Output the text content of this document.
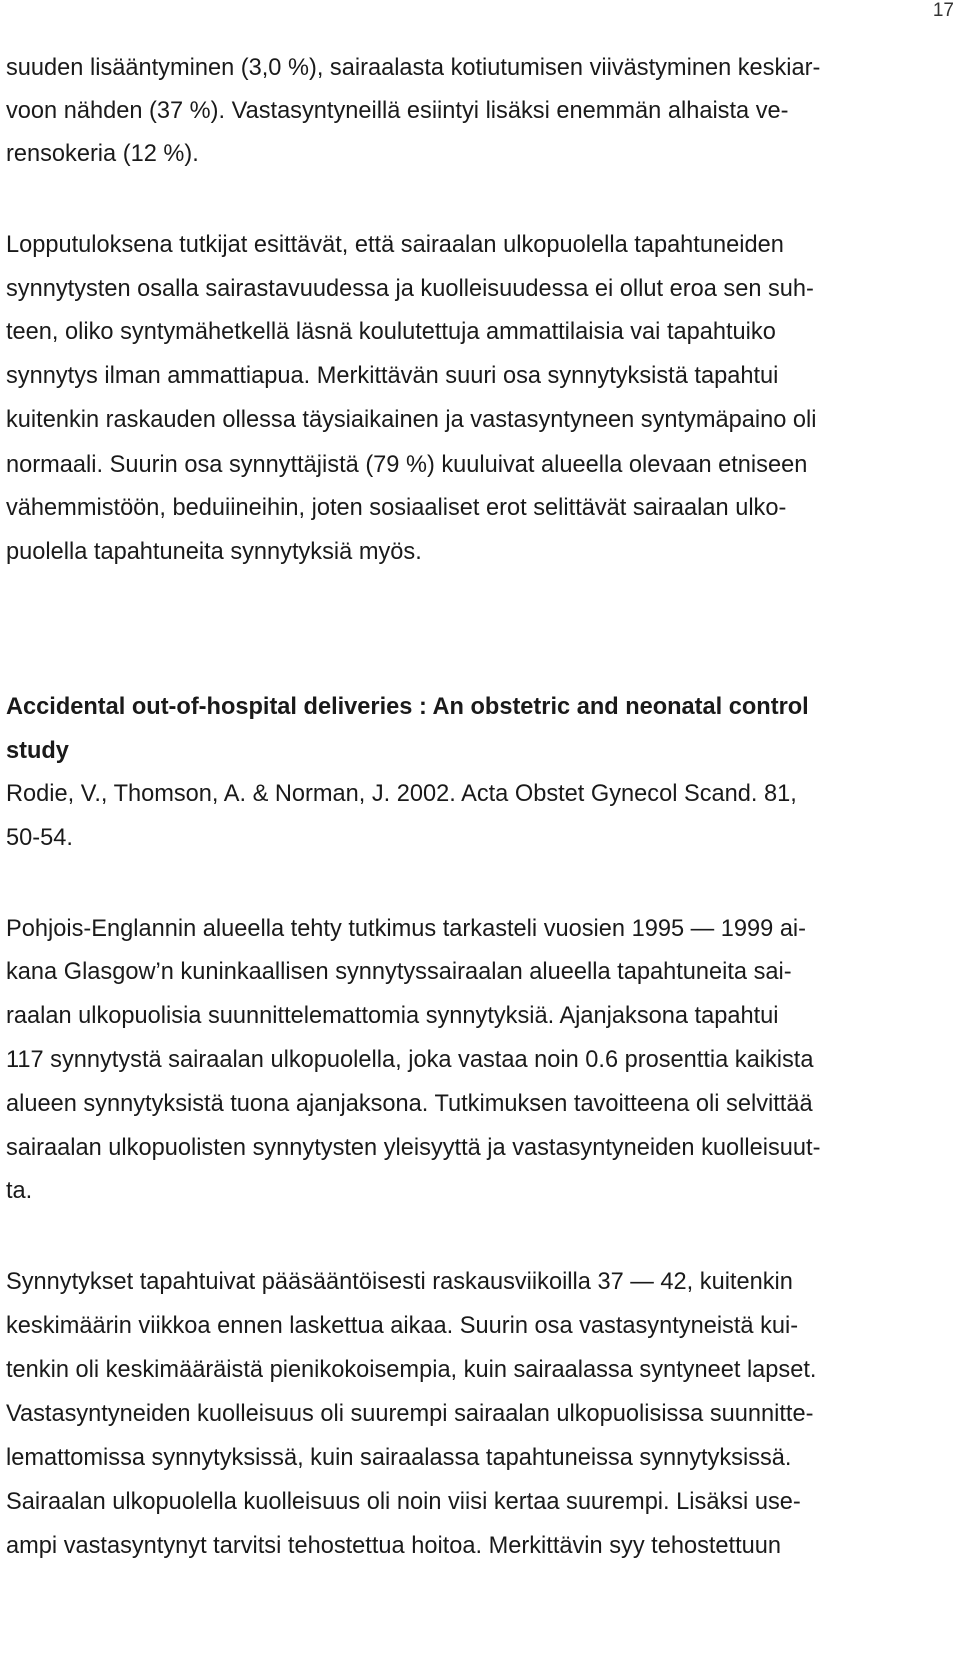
17
suuden lisääntyminen (3,0 %), sairaalasta kotiutumisen viivästyminen keskiar-
voon nähden (37 %). Vastasyntyneillä esiintyi lisäksi enemmän alhaista ve-
rensokeria (12 %).
Lopputuloksena tutkijat esittävät, että sairaalan ulkopuolella tapahtuneiden
synnytysten osalla sairastavuudessa ja kuolleisuudessa ei ollut eroa sen suh-
teen, oliko syntymähetkellä läsnä koulutettuja ammattilaisia vai tapahtuiko
synnytys ilman ammattiapua. Merkittävän suuri osa synnytyksistä tapahtui
kuitenkin raskauden ollessa täysiaikainen ja vastasyntyneen syntymäpaino oli
normaali. Suurin osa synnyttäjistä (79 %) kuuluivat alueella olevaan etniseen
vähemmistöön, beduiineihin, joten sosiaaliset erot selittävät sairaalan ulko-
puolella tapahtuneita synnytyksiä myös.
Accidental out-of-hospital deliveries : An obstetric and neonatal control
study
Rodie, V., Thomson, A. & Norman, J. 2002. Acta Obstet Gynecol Scand. 81,
50-54.
Pohjois-Englannin alueella tehty tutkimus tarkasteli vuosien 1995 — 1999 ai-
kana Glasgow’n kuninkaallisen synnytyssairaalan alueella tapahtuneita sai-
raalan ulkopuolisia suunnittelemattomia synnytyksiä. Ajanjaksona tapahtui
117 synnytystä sairaalan ulkopuolella, joka vastaa noin 0.6 prosenttia kaikista
alueen synnytyksistä tuona ajanjaksona. Tutkimuksen tavoitteena oli selvittää
sairaalan ulkopuolisten synnytysten yleisyyttä ja vastasyntyneiden kuolleisuut-
ta.
Synnytykset tapahtuivat pääsääntöisesti raskausviikoilla 37 — 42, kuitenkin
keskimäärin viikkoa ennen laskettua aikaa. Suurin osa vastasyntyneistä kui-
tenkin oli keskimääräistä pienikokoisempia, kuin sairaalassa syntyneet lapset.
Vastasyntyneiden kuolleisuus oli suurempi sairaalan ulkopuolisissa suunnitte-
lemattomissa synnytyksissä, kuin sairaalassa tapahtuneissa synnytyksissä.
Sairaalan ulkopuolella kuolleisuus oli noin viisi kertaa suurempi. Lisäksi use-
ampi vastasyntynyt tarvitsi tehostettua hoitoa. Merkittävin syy tehostettuun
